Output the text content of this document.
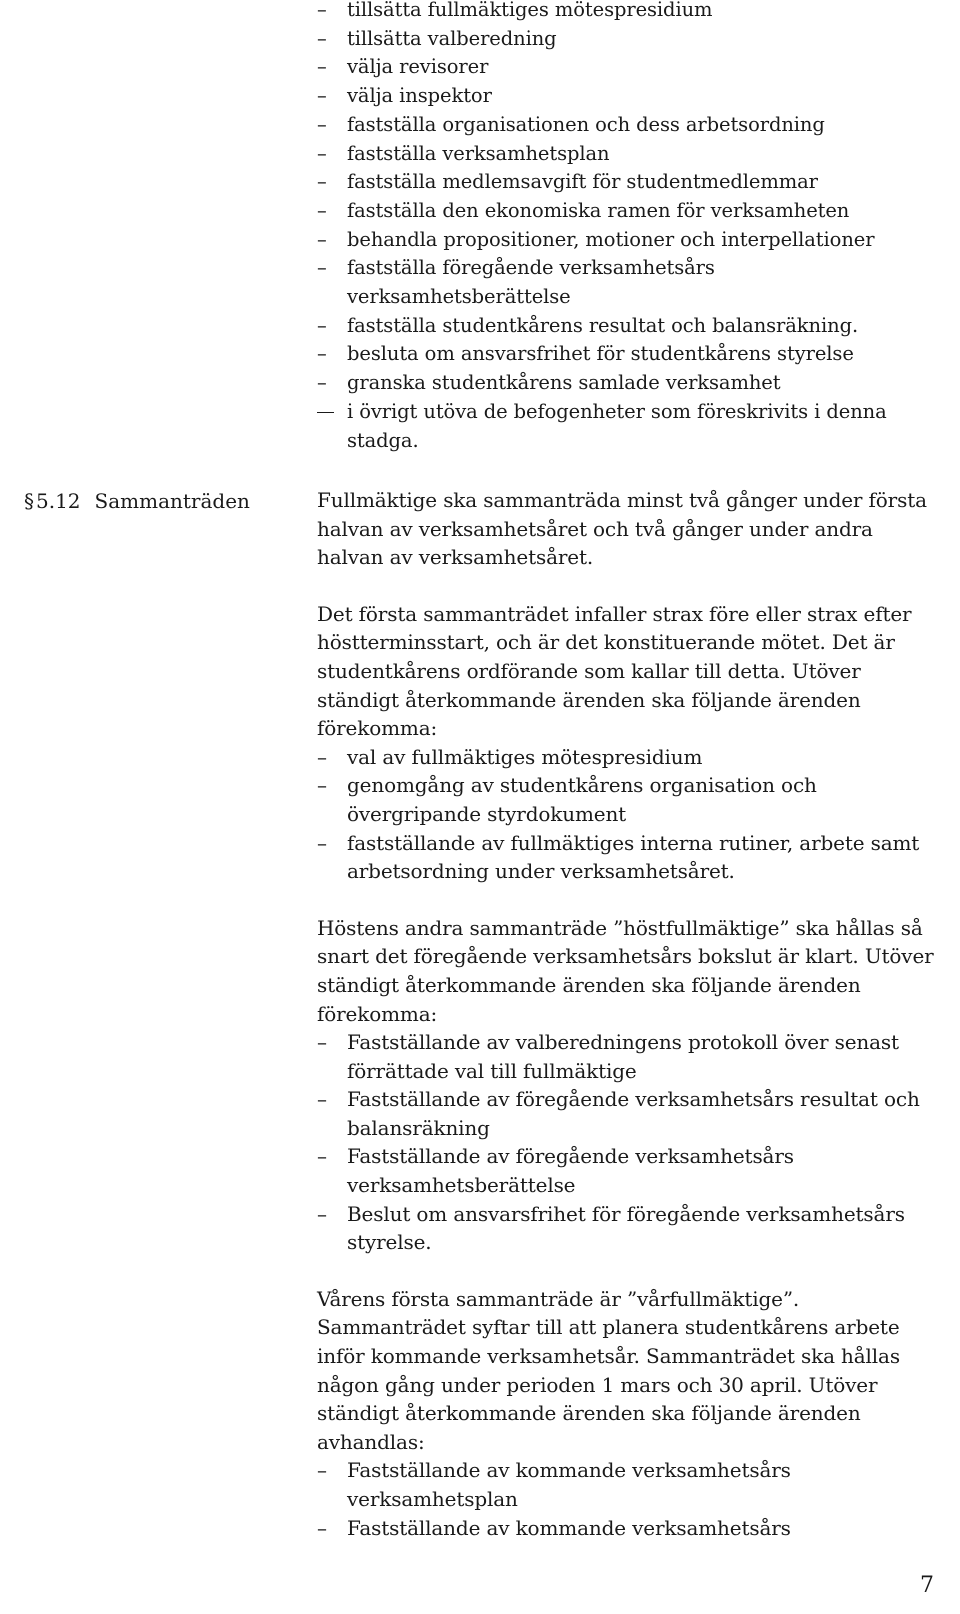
– tillsätta fullmäktiges mötespresidium
– tillsätta valberedning
– välja revisorer
– välja inspektor
– fastställa organisationen och dess arbetsordning
– fastställa verksamhetsplan
– fastställa medlemsavgift för studentmedlemmar
– fastställa den ekonomiska ramen för verksamheten
– behandla propositioner, motioner och interpellationer
– fastställa föregående verksamhetsårs verksamhetsberättelse
– fastställa studentkårens resultat och balansräkning.
– besluta om ansvarsfrihet för studentkårens styrelse
– granska studentkårens samlade verksamhet
i övrigt utöva de befogenheter som föreskrivits i denna stadga.
§ 5.12 Sammanträden	Fullmäktige ska sammanträda minst två gånger under första halvan av verksamhetsåret och två gånger under andra halvan av verksamhetsåret.

Det första sammanträdet infaller strax före eller strax efter höstterminsstart, och är det konstituerande mötet. Det är studentkårens ordförande som kallar till detta. Utöver ständigt återkommande ärenden ska följande ärenden förekomma:

– val av fullmäktiges mötespresidium
– genomgång av studentkårens organisation och övergripande styrdokument
– fastställande av fullmäktiges interna rutiner, arbete samt arbetsordning under verksamhetsåret.

Höstens andra sammanträde ”höstfullmäktige” ska hållas så snart det föregående verksamhetsårs bokslut är klart. Utöver ständigt återkommande ärenden ska följande ärenden förekomma:

– Fastställande av valberedningens protokoll över senast förrättade val till fullmäktige
– Fastställande av föregående verksamhetsårs resultat och balansräkning
– Fastställande av föregående verksamhetsårs verksamhetsberättelse
– Beslut om ansvarsfrihet för föregående verksamhetsårs styrelse.

Vårens första sammanträde är ”vårfullmäktige”. Sammanträdet syftar till att planera studentkårens arbete inför kommande verksamhetsår. Sammanträdet ska hållas någon gång under perioden 1 mars och 30 april. Utöver ständigt återkommande ärenden ska följande ärenden avhandlas:

– Fastställande av kommande verksamhetsårs verksamhetsplan
– Fastställande av kommande verksamhetsårs
7
